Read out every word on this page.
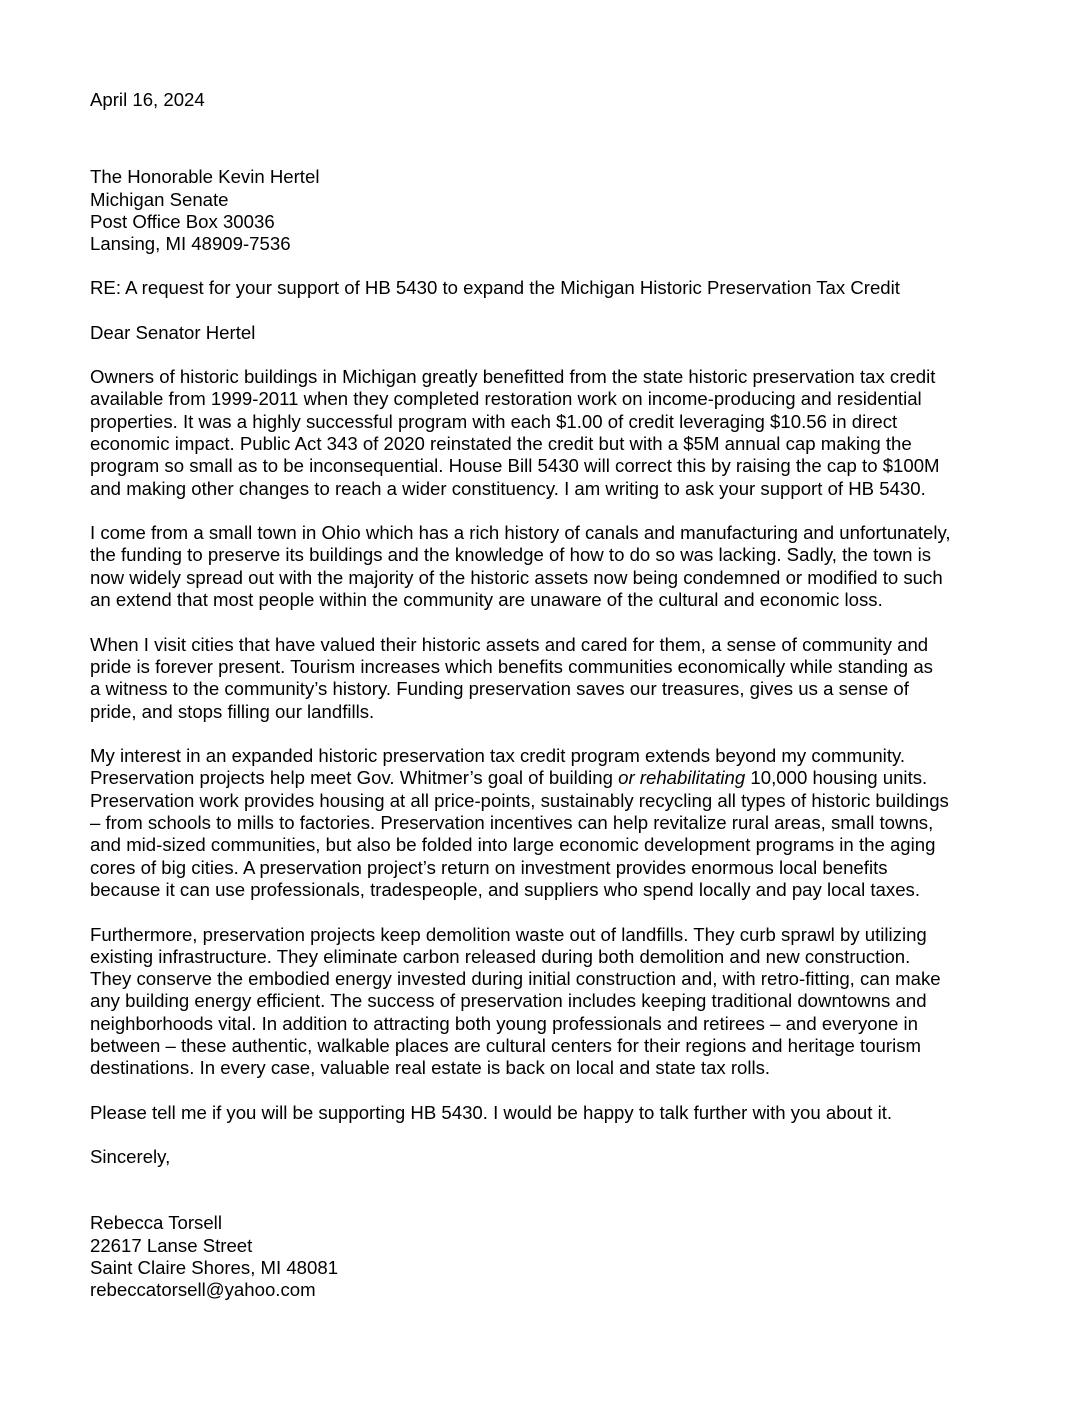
April 16, 2024
The Honorable Kevin Hertel
Michigan Senate
Post Office Box 30036
Lansing, MI 48909-7536
RE: A request for your support of HB 5430 to expand the Michigan Historic Preservation Tax Credit
Dear Senator Hertel
Owners of historic buildings in Michigan greatly benefitted from the state historic preservation tax credit
available from 1999-2011 when they completed restoration work on income-producing and residential
properties. It was a highly successful program with each $1.00 of credit leveraging $10.56 in direct
economic impact. Public Act 343 of 2020 reinstated the credit but with a $5M annual cap making the
program so small as to be inconsequential. House Bill 5430 will correct this by raising the cap to $100M
and making other changes to reach a wider constituency. I am writing to ask your support of HB 5430.
I come from a small town in Ohio which has a rich history of canals and manufacturing and unfortunately,
the funding to preserve its buildings and the knowledge of how to do so was lacking. Sadly, the town is
now widely spread out with the majority of the historic assets now being condemned or modified to such
an extend that most people within the community are unaware of the cultural and economic loss.
When I visit cities that have valued their historic assets and cared for them, a sense of community and
pride is forever present. Tourism increases which benefits communities economically while standing as
a witness to the community’s history. Funding preservation saves our treasures, gives us a sense of
pride, and stops filling our landfills.
My interest in an expanded historic preservation tax credit program extends beyond my community.
Preservation projects help meet Gov. Whitmer’s goal of building or rehabilitating 10,000 housing units.
Preservation work provides housing at all price-points, sustainably recycling all types of historic buildings
– from schools to mills to factories. Preservation incentives can help revitalize rural areas, small towns,
and mid-sized communities, but also be folded into large economic development programs in the aging
cores of big cities. A preservation project’s return on investment provides enormous local benefits
because it can use professionals, tradespeople, and suppliers who spend locally and pay local taxes.
Furthermore, preservation projects keep demolition waste out of landfills. They curb sprawl by utilizing
existing infrastructure. They eliminate carbon released during both demolition and new construction.
They conserve the embodied energy invested during initial construction and, with retro-fitting, can make
any building energy efficient. The success of preservation includes keeping traditional downtowns and
neighborhoods vital. In addition to attracting both young professionals and retirees – and everyone in
between – these authentic, walkable places are cultural centers for their regions and heritage tourism
destinations. In every case, valuable real estate is back on local and state tax rolls.
Please tell me if you will be supporting HB 5430. I would be happy to talk further with you about it.
Sincerely,
Rebecca Torsell
22617 Lanse Street
Saint Claire Shores, MI 48081
rebeccatorsell@yahoo.com
